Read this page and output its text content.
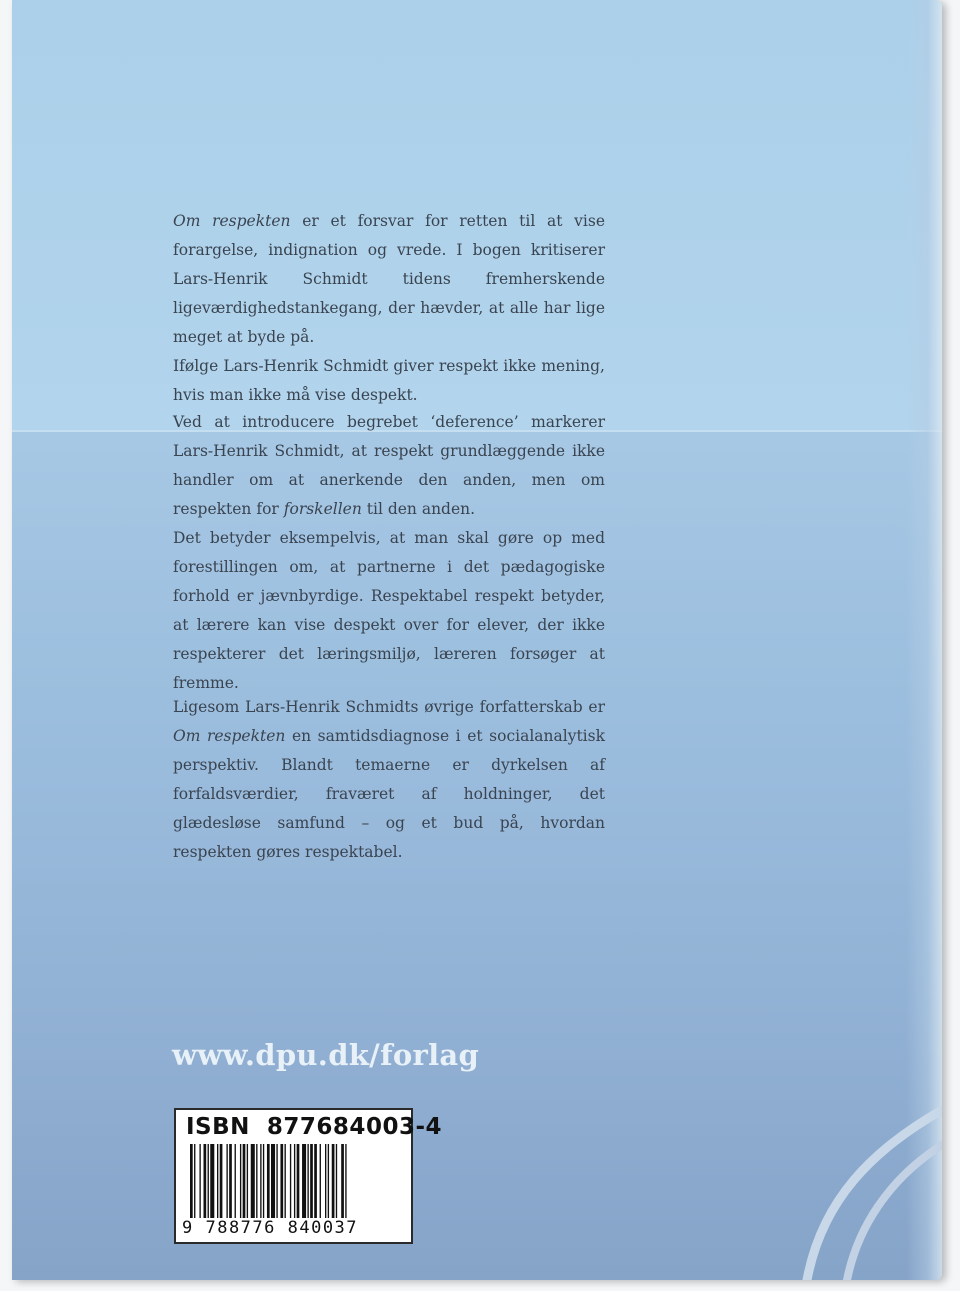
Om respekten er et forsvar for retten til at vise forargelse, indignation og vrede. I bogen kritiserer Lars-Henrik Schmidt tidens fremherskende ligeværdighedstankegang, der hævder, at alle har lige meget at byde på.

Ifølge Lars-Henrik Schmidt giver respekt ikke mening, hvis man ikke må vise despekt.

Ved at introducere begrebet ‘deference’ markerer Lars-Henrik Schmidt, at respekt grundlæggende ikke handler om at anerkende den anden, men om respekten for forskellen til den anden.

Det betyder eksempelvis, at man skal gøre op med forestillingen om, at partnerne i det pædagogiske forhold er jævnbyrdige. Respektabel respekt betyder, at lærere kan vise despekt over for elever, der ikke respekterer det læringsmiljø, læreren forsøger at fremme.

Ligesom Lars-Henrik Schmidts øvrige forfatterskab er Om respekten en samtidsdiagnose i et socialanalytisk perspektiv. Blandt temaerne er dyrkelsen af forfaldsværdier, fraværet af holdninger, det glædesløse samfund – og et bud på, hvordan respekten gøres respektabel.

www.dpu.dk/forlag
ISBN  877684003-4
9 788776 840037
